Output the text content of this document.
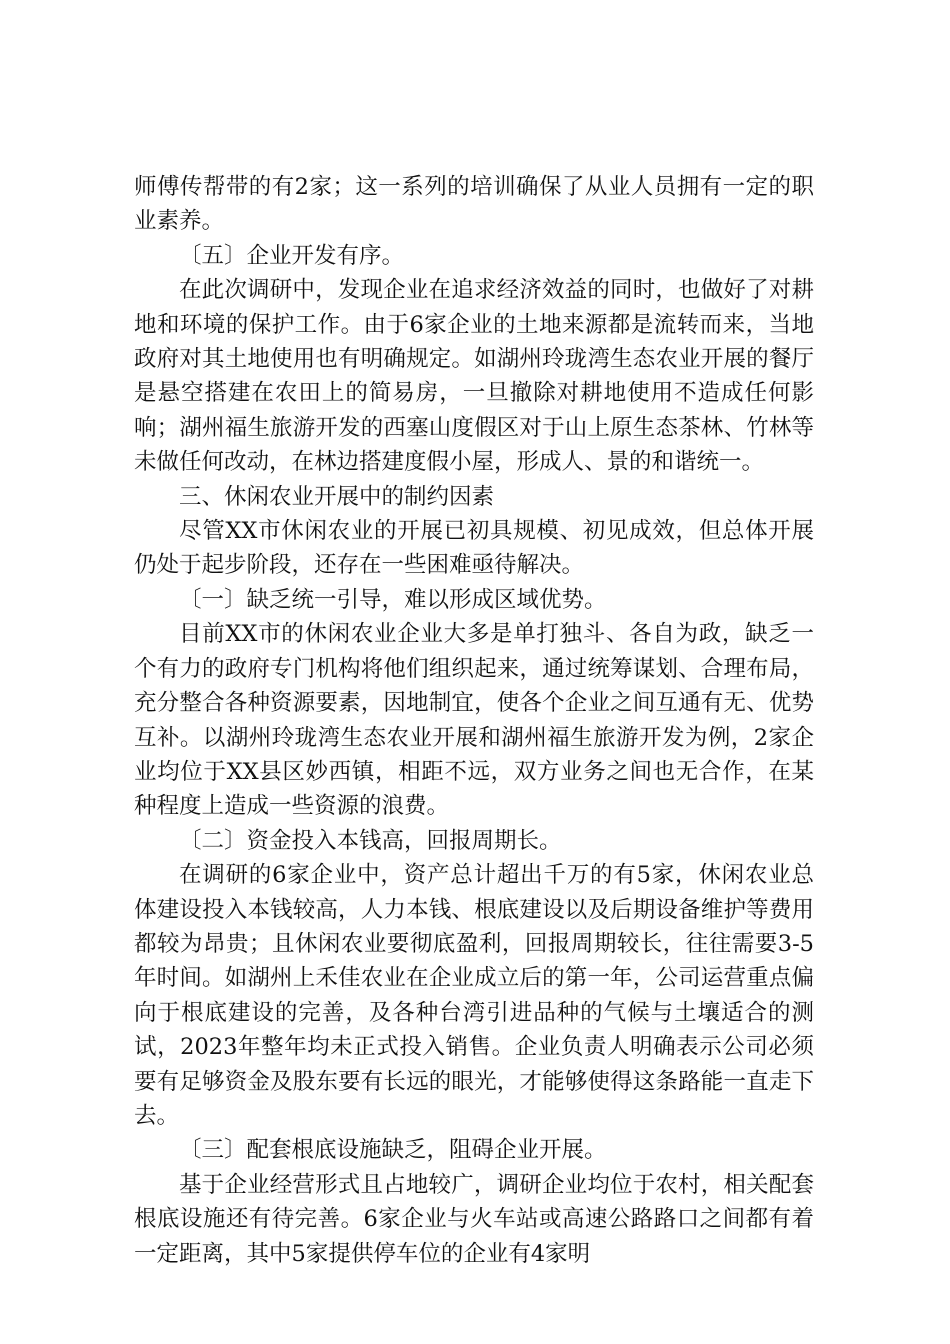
师傅传帮带的有2家；这一系列的培训确保了从业人员拥有一定的职业素养。

〔五〕企业开发有序。

在此次调研中，发现企业在追求经济效益的同时，也做好了对耕地和环境的保护工作。由于6家企业的土地来源都是流转而来，当地政府对其土地使用也有明确规定。如湖州玲珑湾生态农业开展的餐厅是悬空搭建在农田上的简易房，一旦撤除对耕地使用不造成任何影响；湖州福生旅游开发的西塞山度假区对于山上原生态茶林、竹林等未做任何改动，在林边搭建度假小屋，形成人、景的和谐统一。

三、休闲农业开展中的制约因素

尽管XX市休闲农业的开展已初具规模、初见成效，但总体开展仍处于起步阶段，还存在一些困难亟待解决。

〔一〕缺乏统一引导，难以形成区域优势。

目前XX市的休闲农业企业大多是单打独斗、各自为政，缺乏一个有力的政府专门机构将他们组织起来，通过统筹谋划、合理布局，充分整合各种资源要素，因地制宜，使各个企业之间互通有无、优势互补。以湖州玲珑湾生态农业开展和湖州福生旅游开发为例，2家企业均位于XX县区妙西镇，相距不远，双方业务之间也无合作，在某种程度上造成一些资源的浪费。

〔二〕资金投入本钱高，回报周期长。

在调研的6家企业中，资产总计超出千万的有5家，休闲农业总体建设投入本钱较高，人力本钱、根底建设以及后期设备维护等费用都较为昂贵；且休闲农业要彻底盈利，回报周期较长，往往需要3-5年时间。如湖州上禾佳农业在企业成立后的第一年，公司运营重点偏向于根底建设的完善，及各种台湾引进品种的气候与土壤适合的测试，2023年整年均未正式投入销售。企业负责人明确表示公司必须要有足够资金及股东要有长远的眼光，才能够使得这条路能一直走下去。

〔三〕配套根底设施缺乏，阻碍企业开展。

基于企业经营形式且占地较广，调研企业均位于农村，相关配套根底设施还有待完善。6家企业与火车站或高速公路路口之间都有着一定距离，其中5家提供停车位的企业有4家明
